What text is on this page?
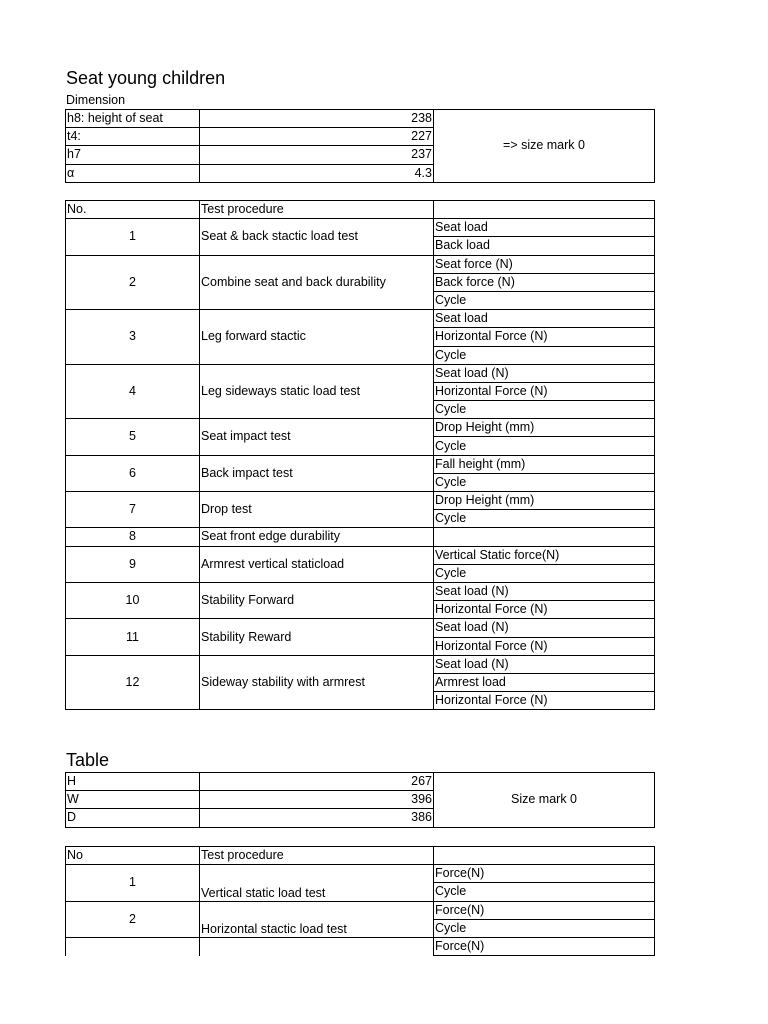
Seat young children
Dimension
h8: height of seat	238	=> size mark 0
t4:	227	
h7	237	
α	4.3	
No.	Test procedure	
1	Seat & back stactic load test	Seat load
		Back load
2	Combine seat and back durability	Seat force (N)
		Back force (N)
		Cycle
3	Leg forward stactic	Seat load
		Horizontal Force (N)
		Cycle
4	Leg sideways static load test	Seat load (N)
		Horizontal Force (N)
		Cycle
5	Seat impact test	Drop Height (mm)
		Cycle
6	Back impact test	Fall height (mm)
		Cycle
7	Drop test	Drop Height (mm)
		Cycle
8	Seat front edge durability	
9	Armrest vertical staticload	Vertical Static force(N)
		Cycle
10	Stability Forward	Seat load (N)
		Horizontal Force (N)
11	Stability Reward	Seat load (N)
		Horizontal Force (N)
12	Sideway stability with armrest	Seat load (N)
		Armrest load
		Horizontal Force (N)
Table
H	267	Size mark 0
W	396	
D	386	
No	Test procedure	
1	Vertical static load test	Force(N)
		Cycle
2	Horizontal stactic load test	Force(N)
		Cycle
		Force(N)
